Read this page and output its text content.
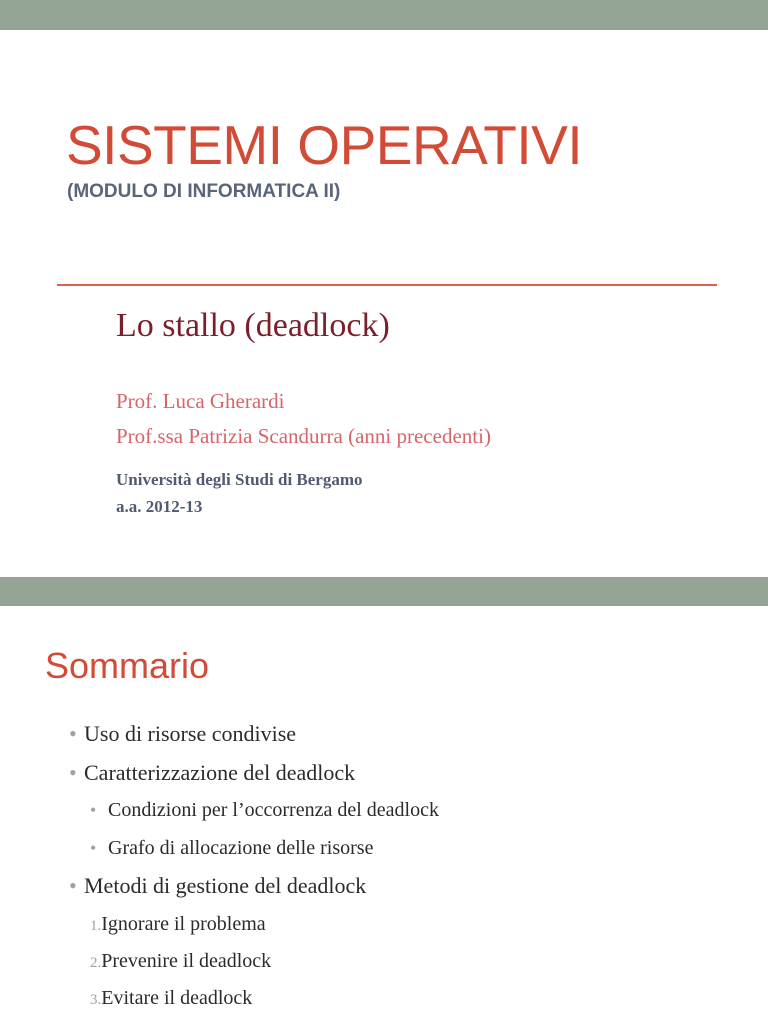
SISTEMI OPERATIVI
(MODULO DI INFORMATICA II)
Lo stallo (deadlock)
Prof. Luca Gherardi
Prof.ssa Patrizia Scandurra (anni precedenti)
Università degli Studi di Bergamo
a.a. 2012-13
Sommario
• Uso di risorse condivise
• Caratterizzazione del deadlock
• Condizioni per l’occorrenza del deadlock
• Grafo di allocazione delle risorse
• Metodi di gestione del deadlock
1.Ignorare il problema
2.Prevenire il deadlock
3.Evitare il deadlock
